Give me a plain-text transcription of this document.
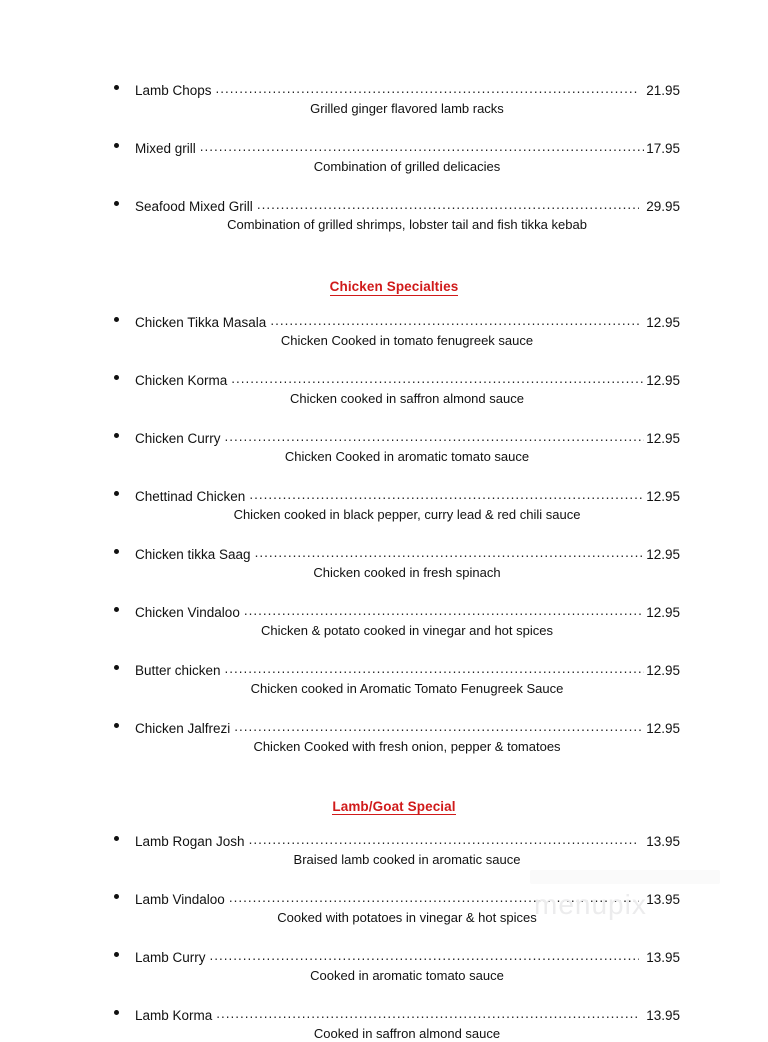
Lamb Chops .....	21.95
Grilled ginger flavored lamb racks
Mixed grill .....	17.95
Combination of grilled delicacies
Seafood Mixed Grill .....	29.95
Combination of grilled shrimps, lobster tail and fish tikka kebab
Chicken Specialties
Chicken Tikka Masala .....	12.95
Chicken Cooked in tomato fenugreek sauce
Chicken Korma .....	12.95
Chicken cooked in saffron almond sauce
Chicken Curry .....	12.95
Chicken Cooked in aromatic tomato sauce
Chettinad Chicken .....	12.95
Chicken cooked in black pepper, curry lead & red chili sauce
Chicken tikka Saag .....	12.95
Chicken cooked in fresh spinach
Chicken Vindaloo .....	12.95
Chicken & potato cooked in vinegar and hot spices
Butter chicken .....	12.95
Chicken cooked in Aromatic Tomato Fenugreek Sauce
Chicken Jalfrezi .....	12.95
Chicken Cooked with fresh onion, pepper & tomatoes
Lamb/Goat Special
Lamb Rogan Josh .....	13.95
Braised lamb cooked in aromatic sauce
Lamb Vindaloo .....	13.95
Cooked with potatoes in vinegar & hot spices
Lamb Curry .....	13.95
Cooked in aromatic tomato sauce
Lamb Korma .....	13.95
Cooked in saffron almond sauce
menupix
